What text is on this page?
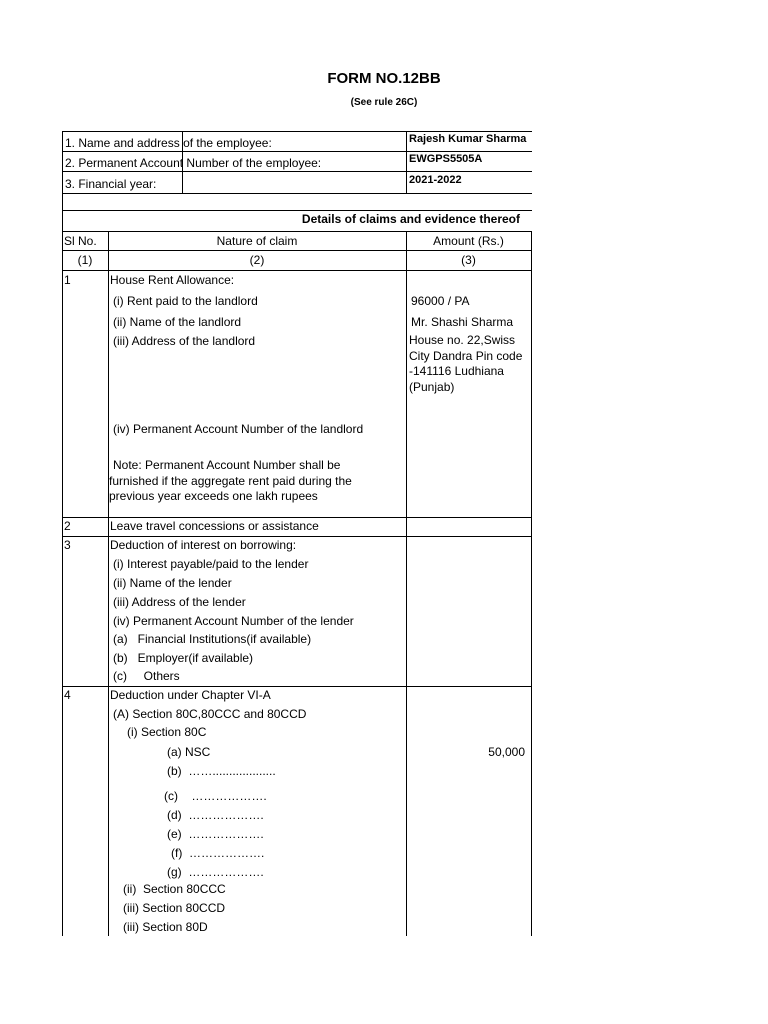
FORM NO.12BB
(See rule 26C)
1. Name and address of the employee:	Rajesh Kumar Sharma
2. Permanent Account Number of the employee:	EWGPS5505A
3. Financial year:	2021-2022
Details of claims and evidence thereof
Sl No.	Nature of claim	Amount (Rs.)
(1)	(2)	(3)
1	House Rent Allowance:
(i) Rent paid to the landlord	96000 / PA
(ii) Name of the landlord	Mr. Shashi Sharma
(iii) Address of the landlord	House no. 22,Swiss City Dandra Pin code -141116 Ludhiana (Punjab)
(iv) Permanent Account Number of the landlord
Note: Permanent Account Number shall be furnished if the aggregate rent paid during the previous year exceeds one lakh rupees
2	Leave travel concessions or assistance
3	Deduction of interest on borrowing:
(i) Interest payable/paid to the lender
(ii) Name of the lender
(iii) Address of the lender
(iv) Permanent Account Number of the lender
(a)   Financial Institutions(if available)
(b)   Employer(if available)
(c)     Others
4	Deduction under Chapter VI-A
(A) Section 80C,80CCC and 80CCD
(i) Section 80C
(a) NSC	50,000
(b)  ……...................
(c)    ……………….
(d)  ……………….
(e)  ……………….
(f)  ……………….
(g)  ……………….
(ii)  Section 80CCC
(iii) Section 80CCD
(iii) Section 80D
